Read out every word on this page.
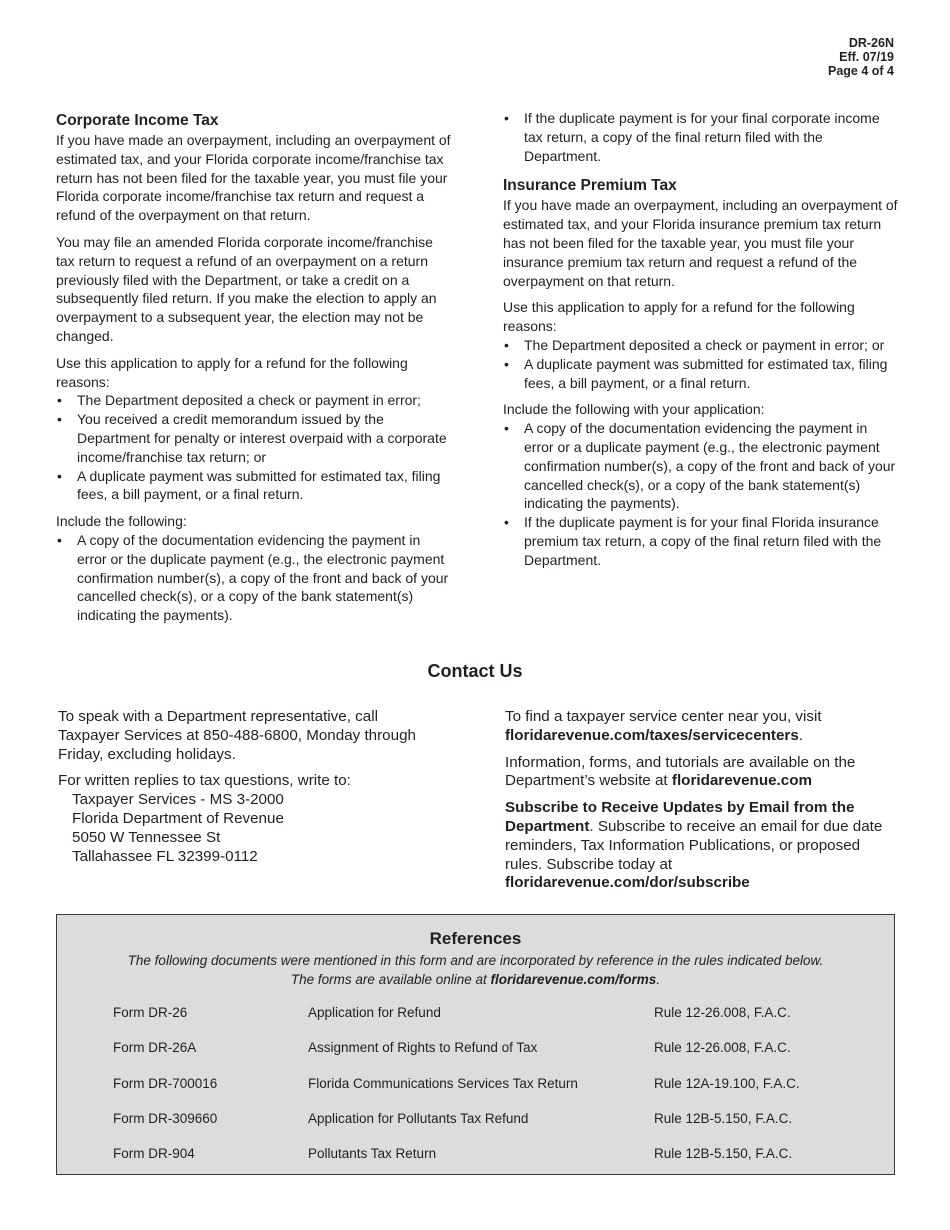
DR-26N
Eff. 07/19
Page 4 of 4
Corporate Income Tax

If you have made an overpayment, including an overpayment of estimated tax, and your Florida corporate income/franchise tax return has not been filed for the taxable year, you must file your Florida corporate income/franchise tax return and request a refund of the overpayment on that return.

You may file an amended Florida corporate income/franchise tax return to request a refund of an overpayment on a return previously filed with the Department, or take a credit on a subsequently filed return. If you make the election to apply an overpayment to a subsequent year, the election may not be changed.

Use this application to apply for a refund for the following reasons:
• The Department deposited a check or payment in error;
• You received a credit memorandum issued by the Department for penalty or interest overpaid with a corporate income/franchise tax return; or
• A duplicate payment was submitted for estimated tax, filing fees, a bill payment, or a final return.
Include the following:
• A copy of the documentation evidencing the payment in error or the duplicate payment (e.g., the electronic payment confirmation number(s), a copy of the front and back of your cancelled check(s), or a copy of the bank statement(s) indicating the payments).
• If the duplicate payment is for your final corporate income tax return, a copy of the final return filed with the Department.
Insurance Premium Tax

If you have made an overpayment, including an overpayment of estimated tax, and your Florida insurance premium tax return has not been filed for the taxable year, you must file your insurance premium tax return and request a refund of the overpayment on that return.

Use this application to apply for a refund for the following reasons:
• The Department deposited a check or payment in error; or
• A duplicate payment was submitted for estimated tax, filing fees, a bill payment, or a final return.
Include the following with your application:
• A copy of the documentation evidencing the payment in error or a duplicate payment (e.g., the electronic payment confirmation number(s), a copy of the front and back of your cancelled check(s), or a copy of the bank statement(s) indicating the payments).
• If the duplicate payment is for your final Florida insurance premium tax return, a copy of the final return filed with the Department.
Contact Us

To speak with a Department representative, call Taxpayer Services at 850-488-6800, Monday through Friday, excluding holidays.

For written replies to tax questions, write to:
Taxpayer Services - MS 3-2000
Florida Department of Revenue
5050 W Tennessee St
Tallahassee FL 32399-0112

To find a taxpayer service center near you, visit floridarevenue.com/taxes/servicecenters.

Information, forms, and tutorials are available on the Department’s website at floridarevenue.com

Subscribe to Receive Updates by Email from the Department. Subscribe to receive an email for due date reminders, Tax Information Publications, or proposed rules. Subscribe today at floridarevenue.com/dor/subscribe

References
The following documents were mentioned in this form and are incorporated by reference in the rules indicated below.
The forms are available online at floridarevenue.com/forms.
Form DR-26	Application for Refund	Rule 12-26.008, F.A.C.
Form DR-26A	Assignment of Rights to Refund of Tax	Rule 12-26.008, F.A.C.
Form DR-700016	Florida Communications Services Tax Return	Rule 12A-19.100, F.A.C.
Form DR-309660	Application for Pollutants Tax Refund	Rule 12B-5.150, F.A.C.
Form DR-904	Pollutants Tax Return	Rule 12B-5.150, F.A.C.
